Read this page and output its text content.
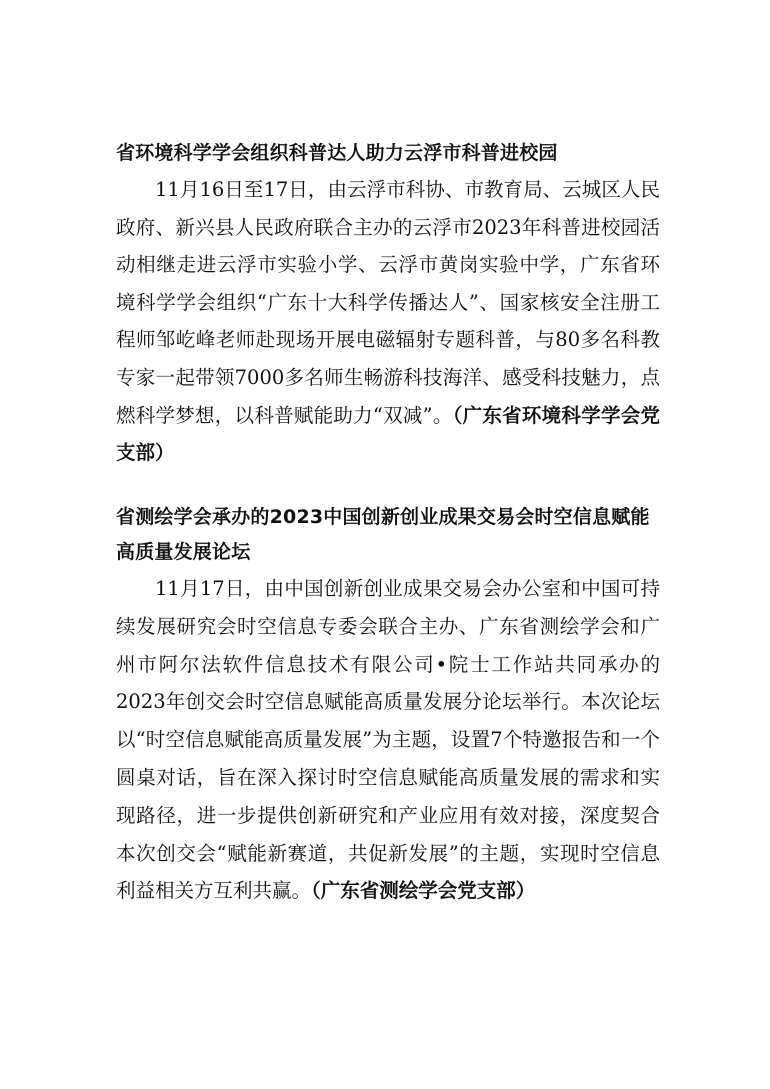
省环境科学学会组织科普达人助力云浮市科普进校园

11月16日至17日，由云浮市科协、市教育局、云城区人民政府、新兴县人民政府联合主办的云浮市2023年科普进校园活动相继走进云浮市实验小学、云浮市黄岗实验中学，广东省环境科学学会组织“广东十大科学传播达人”、国家核安全注册工程师邹屹峰老师赴现场开展电磁辐射专题科普，与80多名科教专家一起带领7000多名师生畅游科技海洋、感受科技魅力，点燃科学梦想，以科普赋能助力“双减”。（广东省环境科学学会党支部）

省测绘学会承办的2023中国创新创业成果交易会时空信息赋能高质量发展论坛

11月17日，由中国创新创业成果交易会办公室和中国可持续发展研究会时空信息专委会联合主办、广东省测绘学会和广州市阿尔法软件信息技术有限公司•院士工作站共同承办的2023年创交会时空信息赋能高质量发展分论坛举行。本次论坛以“时空信息赋能高质量发展”为主题，设置7个特邀报告和一个圆桌对话，旨在深入探讨时空信息赋能高质量发展的需求和实现路径，进一步提供创新研究和产业应用有效对接，深度契合本次创交会“赋能新赛道，共促新发展”的主题，实现时空信息利益相关方互利共赢。（广东省测绘学会党支部）
